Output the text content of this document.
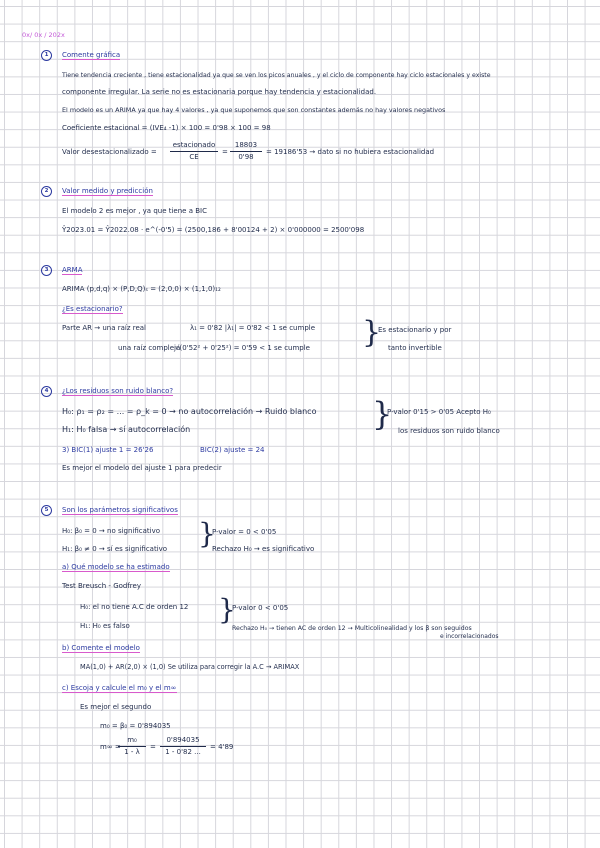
0x/ 0x / 202x
1	Comente gráfica
Tiene tendencia creciente , tiene estacionalidad ya que se ven los picos anuales , y el ciclo de componente hay ciclo estacionales y existe
componente irregular. La serie no es estacionaria porque hay tendencia y estacionalidad.
El modelo es un ARIMA ya que hay 4 valores , ya que suponemos que son constantes además no hay valores negativos
Coeficiente estacional = (IVE₄ -1) × 100 = 0'98 × 100 = 98
Valor desestacionalizado =
estacionado
CE
=
18803
0'98
= 19186'53 → dato si no hubiera estacionalidad
2	Valor medido y predicción
El modelo 2 es mejor , ya que tiene a BIC
Ŷ2023.01 = Ŷ2022.08 · e^(-0'5) = (2500,186 + 8'00124 + 2) × 0'000000 = 2500'098
3	ARMA
ARIMA (p,d,q) × (P,D,Q)ₛ = (2,0,0) × (1,1,0)₁₂
¿Es estacionario?
Parte AR → una raíz real	λ₁ = 0'82 |λ₁| = 0'82 < 1 se cumple
una raíz compleja
√(0'52² + 0'25²) = 0'59 < 1 se cumple }
Es estacionario y por
tanto invertible
4	¿Los residuos son ruido blanco?
H₀: ρ₁ = ρ₂ = ... = ρ_k = 0 → no autocorrelación → Ruido blanco
H₁: H₀ falsa → sí autocorrelación	}
P-valor 0'15 > 0'05 Acepto H₀
los residuos son ruido blanco
3) BIC(1) ajuste 1 = 26'26	BIC(2) ajuste = 24
Es mejor el modelo del ajuste 1 para predecir
5	Son los parámetros significativos
H₀: β₀ = 0 → no significativo
H₁: β₀ ≠ 0 → sí es significativo }
P-valor = 0 < 0'05
Rechazo H₀ → es significativo
a) Qué modelo se ha estimado
Test Breusch - Godfrey
H₀: el no tiene A.C de orden 12
H₁: H₀ es falso	}
P-valor 0 < 0'05
Rechazo H₀ → tienen AC de orden 12 → Multicolinealidad y los β son seguidos
e incorrelacionados
b) Comente el modelo
MA(1,0) + AR(2,0) × (1,0) Se utiliza para corregir la A.C → ARIMAX
c) Escoja y calcule el m₀ y el m∞
Es mejor el segundo
m₀ = β₀ = 0'894035
m∞ =
m₀
1 - λ
=
0'894035
1 - 0'82 ...
= 4'89
